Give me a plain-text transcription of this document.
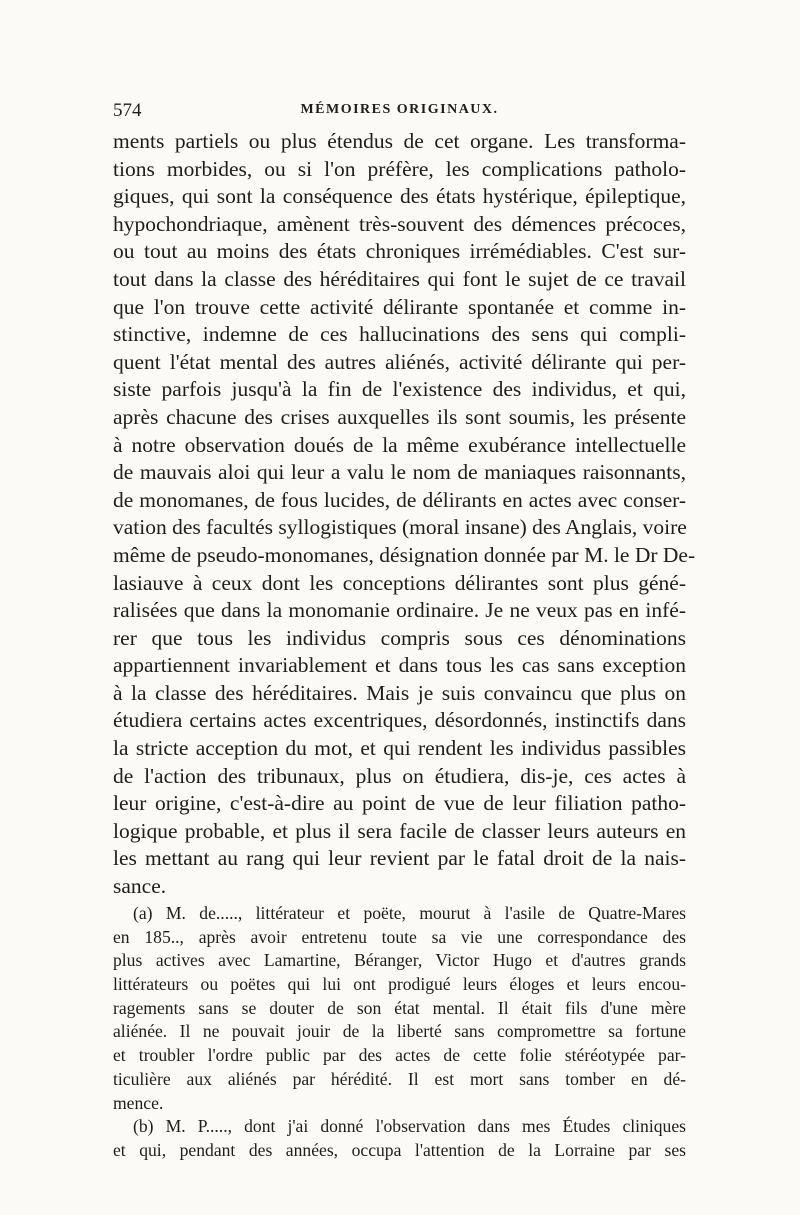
574	MÉMOIRES ORIGINAUX.
ments partiels ou plus étendus de cet organe. Les transforma-
tions morbides, ou si l'on préfère, les complications patholo-
giques, qui sont la conséquence des états hystérique, épileptique,
hypochondriaque, amènent très-souvent des démences précoces,
ou tout au moins des états chroniques irrémédiables. C'est sur-
tout dans la classe des héréditaires qui font le sujet de ce travail
que l'on trouve cette activité délirante spontanée et comme in-
stinctive, indemne de ces hallucinations des sens qui compli-
quent l'état mental des autres aliénés, activité délirante qui per-
siste parfois jusqu'à la fin de l'existence des individus, et qui,
après chacune des crises auxquelles ils sont soumis, les présente
à notre observation doués de la même exubérance intellectuelle
de mauvais aloi qui leur a valu le nom de maniaques raisonnants,
de monomanes, de fous lucides, de délirants en actes avec conser-
vation des facultés syllogistiques (moral insane) des Anglais, voire
même de pseudo-monomanes, désignation donnée par M. le Dr De-
lasiauve à ceux dont les conceptions délirantes sont plus géné-
ralisées que dans la monomanie ordinaire. Je ne veux pas en infé-
rer que tous les individus compris sous ces dénominations
appartiennent invariablement et dans tous les cas sans exception
à la classe des héréditaires. Mais je suis convaincu que plus on
étudiera certains actes excentriques, désordonnés, instinctifs dans
la stricte acception du mot, et qui rendent les individus passibles
de l'action des tribunaux, plus on étudiera, dis-je, ces actes à
leur origine, c'est-à-dire au point de vue de leur filiation patho-
logique probable, et plus il sera facile de classer leurs auteurs en
les mettant au rang qui leur revient par le fatal droit de la nais-
sance.
(a) M. de....., littérateur et poëte, mourut à l'asile de Quatre-Mares
en 185.., après avoir entretenu toute sa vie une correspondance des
plus actives avec Lamartine, Béranger, Victor Hugo et d'autres grands
littérateurs ou poëtes qui lui ont prodigué leurs éloges et leurs encou-
ragements sans se douter de son état mental. Il était fils d'une mère
aliénée. Il ne pouvait jouir de la liberté sans compromettre sa fortune
et troubler l'ordre public par des actes de cette folie stéréotypée par-
ticulière aux aliénés par hérédité. Il est mort sans tomber en dé-
mence.
(b) M. P....., dont j'ai donné l'observation dans mes Études cliniques
et qui, pendant des années, occupa l'attention de la Lorraine par ses
